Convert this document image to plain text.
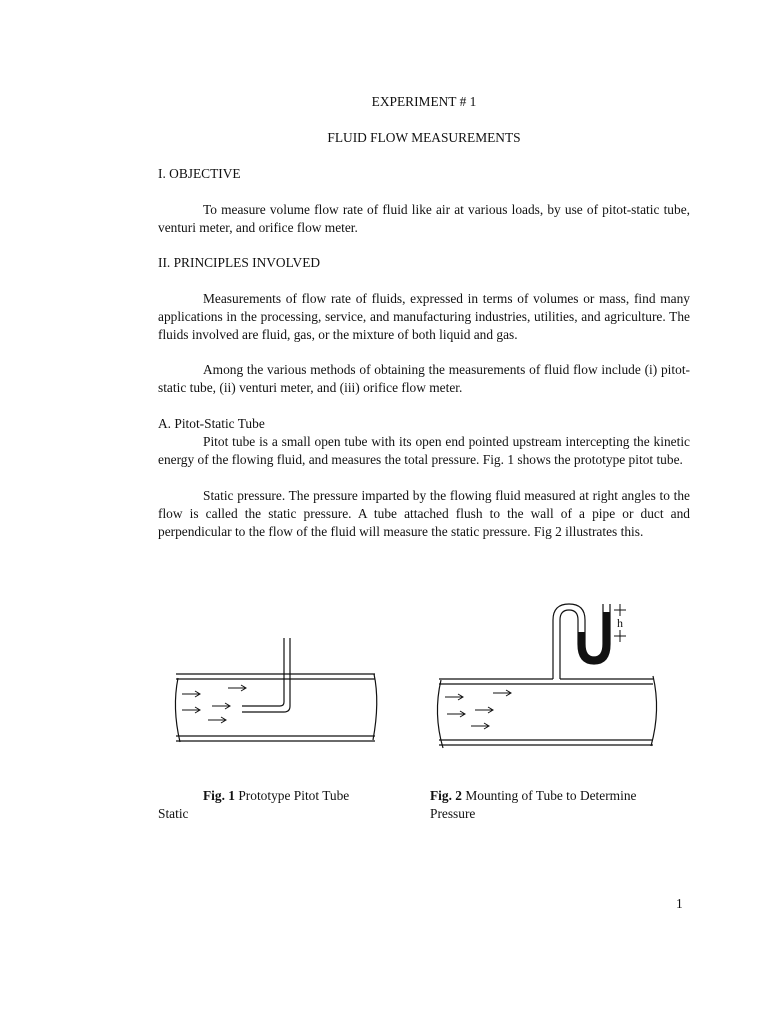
EXPERIMENT # 1
FLUID FLOW MEASUREMENTS
I. OBJECTIVE
To measure volume flow rate of fluid like air at various loads, by use of pitot-static tube, venturi meter, and orifice flow meter.
II. PRINCIPLES INVOLVED
Measurements of flow rate of fluids, expressed in terms of volumes or mass, find many applications in the processing, service, and manufacturing industries, utilities, and agriculture. The fluids involved are fluid, gas, or the mixture of both liquid and gas.
Among the various methods of obtaining the measurements of fluid flow include (i) pitot-static tube, (ii) venturi meter, and (iii) orifice flow meter.
A. Pitot-Static Tube
Pitot tube is a small open tube with its open end pointed upstream intercepting the kinetic energy of the flowing fluid, and measures the total pressure. Fig. 1 shows the prototype pitot tube.
Static pressure. The pressure imparted by the flowing fluid measured at right angles to the flow is called the static pressure. A tube attached flush to the wall of a pipe or duct and perpendicular to the flow of the fluid will measure the static pressure. Fig 2 illustrates this.
h
Fig. 1 Prototype Pitot Tube
Static
Fig. 2 Mounting of Tube to Determine
Pressure
1
